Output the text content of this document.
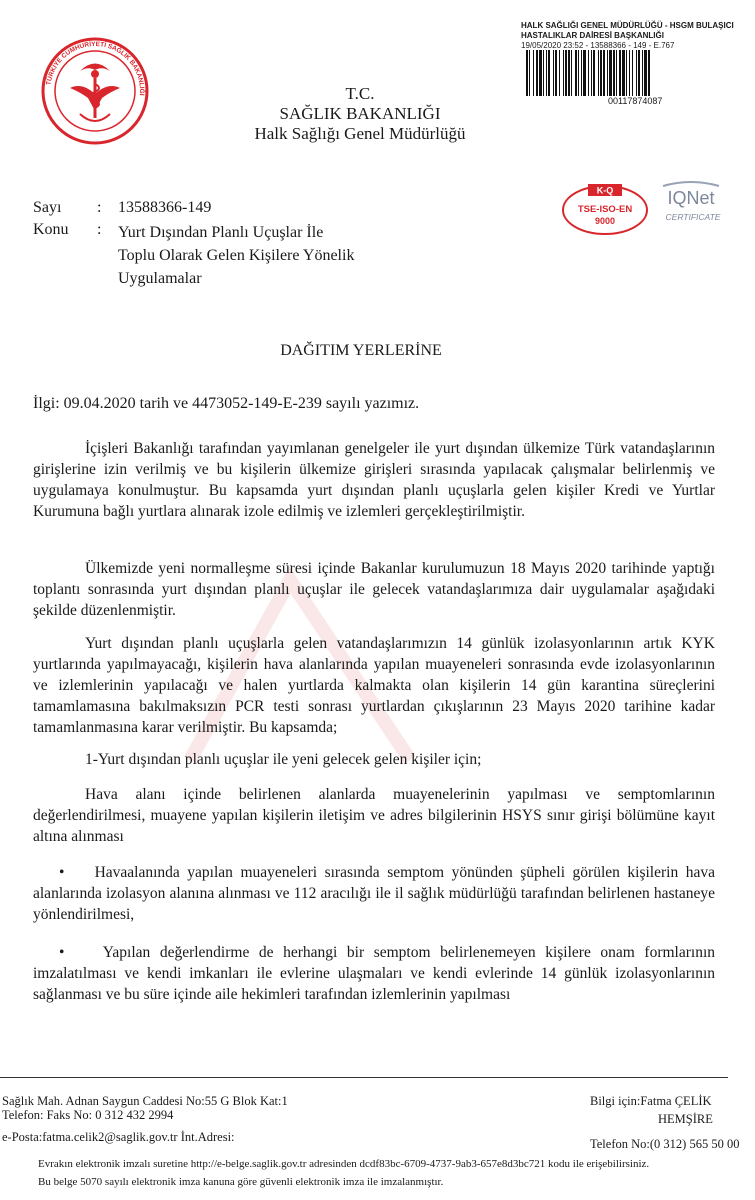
TÜRKİYE CUMHURİYETİ SAĞLIK BAKANLIĞI	T.C.
SAĞLIK BAKANLIĞI
Halk Sağlığı Genel Müdürlüğü
HALK SAĞLIĞI GENEL MÜDÜRLÜĞÜ - HSGM BULAŞICI
HASTALIKLAR DAİRESİ BAŞKANLIĞI
19/05/2020 23:52 - 13588366 - 149 - E.767
00117874087
K-Q
TSE-ISO-EN
9000
IQNet
CERTIFICATE
Sayı : 13588366-149
Konu : Yurt Dışından Planlı Uçuşlar İle
Toplu Olarak Gelen Kişilere Yönelik
Uygulamalar
DAĞITIM YERLERİNE
İlgi: 09.04.2020 tarih ve 4473052-149-E-239 sayılı yazımız.
İçişleri Bakanlığı tarafından yayımlanan genelgeler ile yurt dışından ülkemize Türk vatandaşlarının girişlerine izin verilmiş ve bu kişilerin ülkemize girişleri sırasında yapılacak çalışmalar belirlenmiş ve uygulamaya konulmuştur. Bu kapsamda yurt dışından planlı uçuşlarla gelen kişiler Kredi ve Yurtlar Kurumuna bağlı yurtlara alınarak izole edilmiş ve izlemleri gerçekleştirilmiştir.
Ülkemizde yeni normalleşme süresi içinde Bakanlar kurulumuzun 18 Mayıs 2020 tarihinde yaptığı toplantı sonrasında yurt dışından planlı uçuşlar ile gelecek vatandaşlarımıza dair uygulamalar aşağıdaki şekilde düzenlenmiştir.
Yurt dışından planlı uçuşlarla gelen vatandaşlarımızın 14 günlük izolasyonlarının artık KYK yurtlarında yapılmayacağı, kişilerin hava alanlarında yapılan muayeneleri sonrasında evde izolasyonlarının ve izlemlerinin yapılacağı ve halen yurtlarda kalmakta olan kişilerin 14 gün karantina süreçlerini tamamlamasına bakılmaksızın PCR testi sonrası yurtlardan çıkışlarının 23 Mayıs 2020 tarihine kadar tamamlanmasına karar verilmiştir. Bu kapsamda;
1-Yurt dışından planlı uçuşlar ile yeni gelecek gelen kişiler için;
Hava alanı içinde belirlenen alanlarda muayenelerinin yapılması ve semptomlarının değerlendirilmesi, muayene yapılan kişilerin iletişim ve adres bilgilerinin HSYS sınır girişi bölümüne kayıt altına alınması
• Havaalanında yapılan muayeneleri sırasında semptom yönünden şüpheli görülen kişilerin hava alanlarında izolasyon alanına alınması ve 112 aracılığı ile il sağlık müdürlüğü tarafından belirlenen hastaneye yönlendirilmesi,
• Yapılan değerlendirme de herhangi bir semptom belirlenemeyen kişilere onam formlarının imzalatılması ve kendi imkanları ile evlerine ulaşmaları ve kendi evlerinde 14 günlük izolasyonlarının sağlanması ve bu süre içinde aile hekimleri tarafından izlemlerinin yapılması
Sağlık Mah. Adnan Saygun Caddesi No:55 G Blok Kat:1
Telefon: Faks No: 0 312 432 2994
e-Posta:fatma.celik2@saglik.gov.tr İnt.Adresi:
Bilgi için:Fatma ÇELİK
HEMŞİRE
Telefon No:(0 312) 565 50 00
Evrakın elektronik imzalı suretine http://e-belge.saglik.gov.tr adresinden dcdf83bc-6709-4737-9ab3-657e8d3bc721 kodu ile erişebilirsiniz.
Bu belge 5070 sayılı elektronik imza kanuna göre güvenli elektronik imza ile imzalanmıştır.
